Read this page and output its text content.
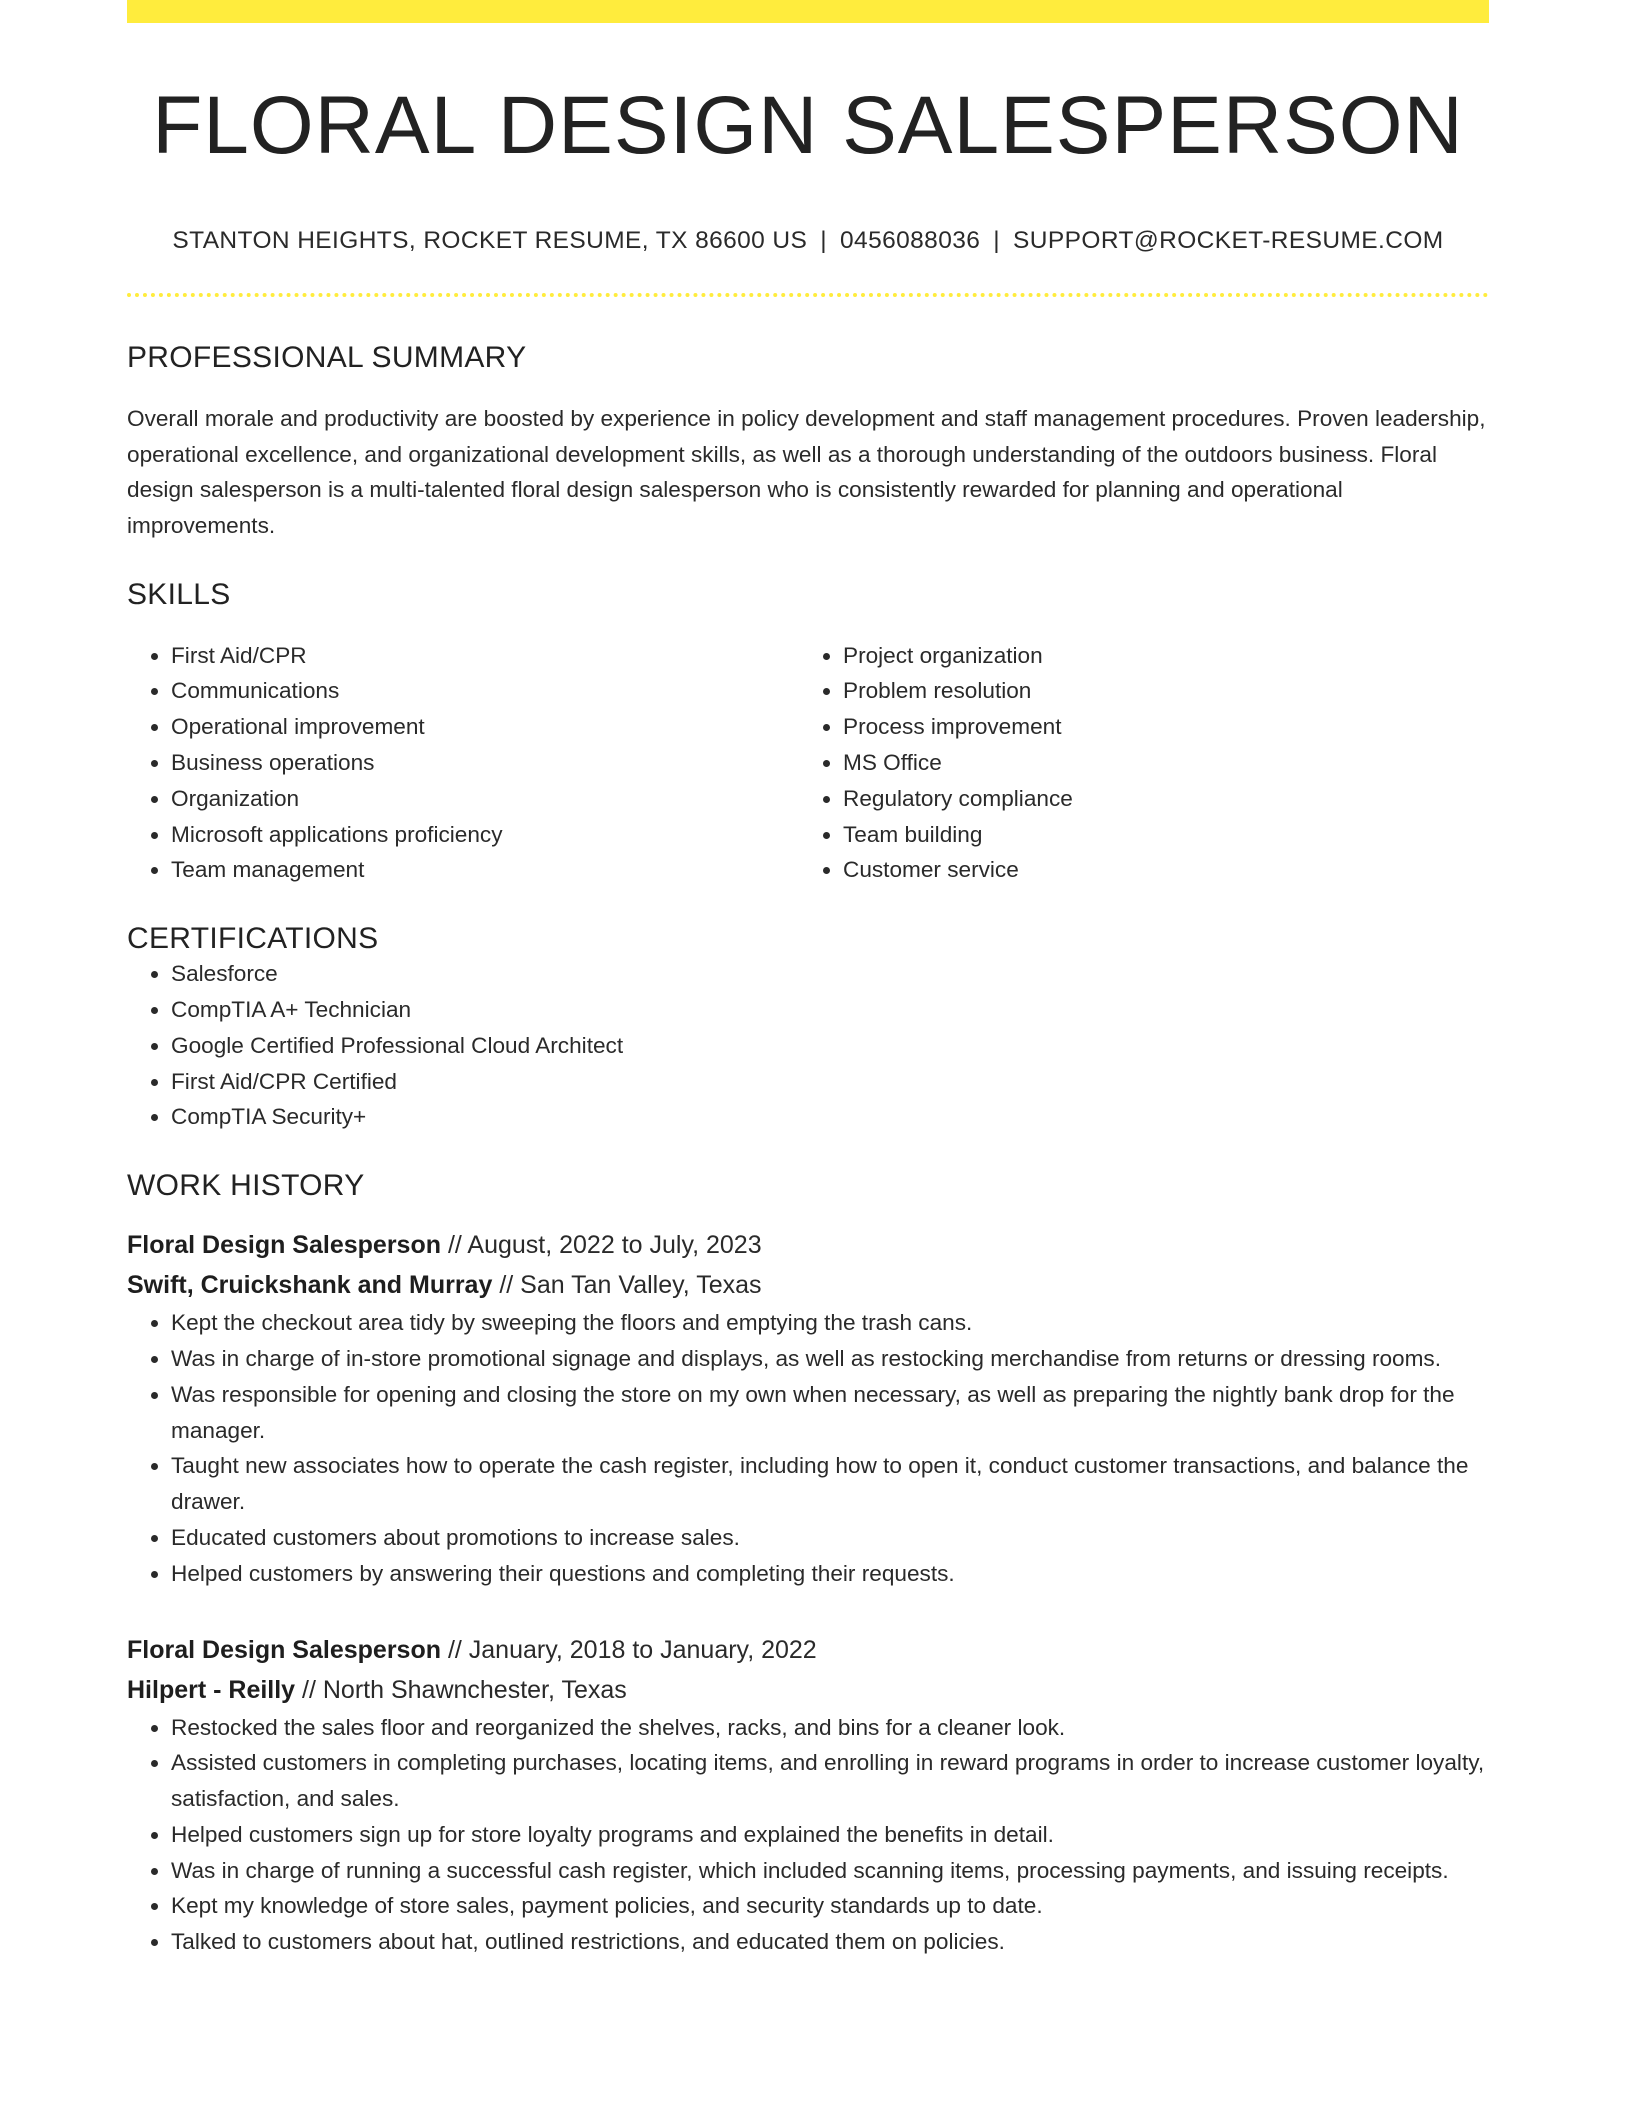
FLORAL DESIGN SALESPERSON
STANTON HEIGHTS, ROCKET RESUME, TX 86600 US | 0456088036 | SUPPORT@ROCKET-RESUME.COM
PROFESSIONAL SUMMARY
Overall morale and productivity are boosted by experience in policy development and staff management procedures. Proven leadership, operational excellence, and organizational development skills, as well as a thorough understanding of the outdoors business. Floral design salesperson is a multi-talented floral design salesperson who is consistently rewarded for planning and operational improvements.
SKILLS
• First Aid/CPR
• Communications
• Operational improvement
• Business operations
• Organization
• Microsoft applications proficiency
• Team management
• Project organization
• Problem resolution
• Process improvement
• MS Office
• Regulatory compliance
• Team building
• Customer service
CERTIFICATIONS
• Salesforce
• CompTIA A+ Technician
• Google Certified Professional Cloud Architect
• First Aid/CPR Certified
• CompTIA Security+
WORK HISTORY
Floral Design Salesperson // August, 2022 to July, 2023
Swift, Cruickshank and Murray // San Tan Valley, Texas
• Kept the checkout area tidy by sweeping the floors and emptying the trash cans.
• Was in charge of in-store promotional signage and displays, as well as restocking merchandise from returns or dressing rooms.
• Was responsible for opening and closing the store on my own when necessary, as well as preparing the nightly bank drop for the manager.
• Taught new associates how to operate the cash register, including how to open it, conduct customer transactions, and balance the drawer.
• Educated customers about promotions to increase sales.
• Helped customers by answering their questions and completing their requests.
Floral Design Salesperson // January, 2018 to January, 2022
Hilpert - Reilly // North Shawnchester, Texas
• Restocked the sales floor and reorganized the shelves, racks, and bins for a cleaner look.
• Assisted customers in completing purchases, locating items, and enrolling in reward programs in order to increase customer loyalty, satisfaction, and sales.
• Helped customers sign up for store loyalty programs and explained the benefits in detail.
• Was in charge of running a successful cash register, which included scanning items, processing payments, and issuing receipts.
• Kept my knowledge of store sales, payment policies, and security standards up to date.
• Talked to customers about hat, outlined restrictions, and educated them on policies.
